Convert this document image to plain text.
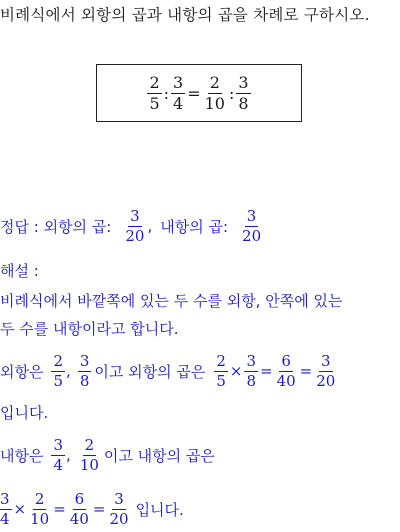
비례식에서 외항의 곱과 내항의 곱을 차례로 구하시오.
$\frac{2}{5}$ : $\frac{3}{4} = \frac{2}{10}$ : $\frac{3}{8}$
정답 : 외항의 곱: $\frac{3}{20}$ , 내항의 곱: $\frac{3}{20}$
해설 :
비례식에서 바깥쪽에 있는 두 수를 외항, 안쪽에 있는
두 수를 내항이라고 합니다.
외항은 $\frac{2}{5}$ , $\frac{3}{8}$ 이고 외항의 곱은 $\frac{2}{5} \times \frac{3}{8} = \frac{6}{40} = \frac{3}{20}$
입니다.
내항은 $\frac{3}{4}$ , $\frac{2}{10}$ 이고 내항의 곱은
$\frac{3}{4} \times \frac{2}{10} = \frac{6}{40} = \frac{3}{20}$ 입니다.
